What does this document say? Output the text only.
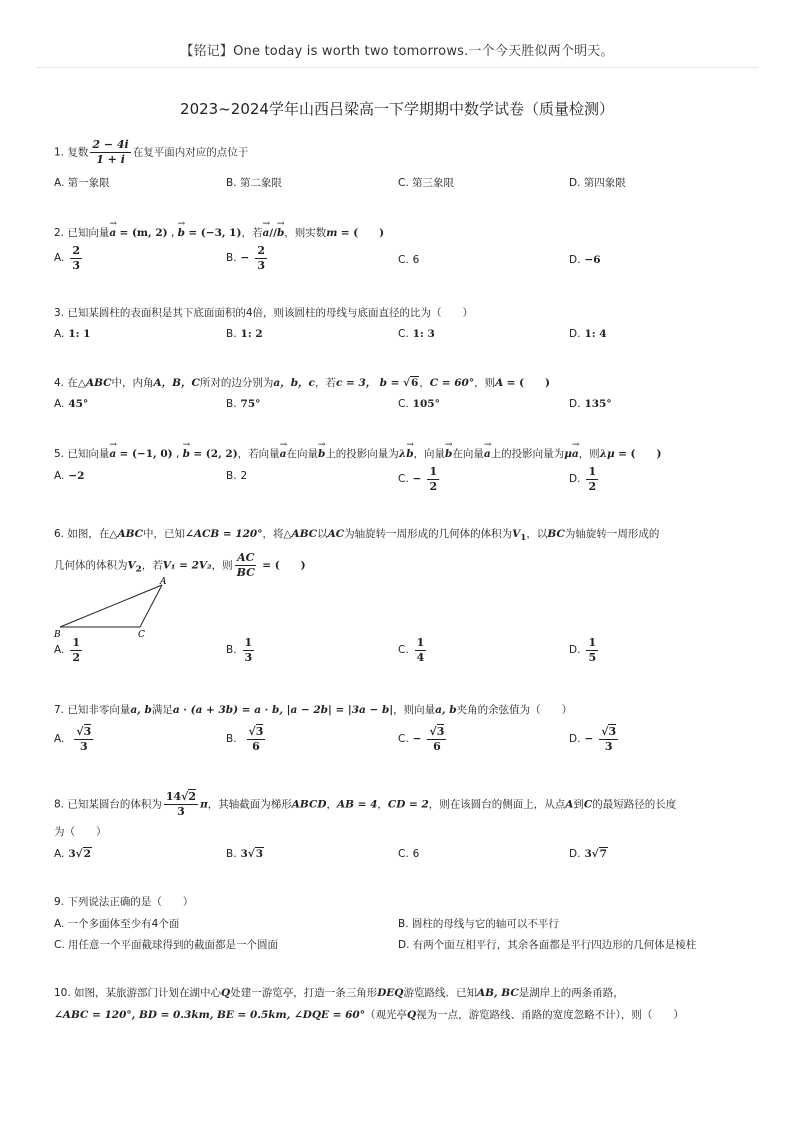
【铭记】One today is worth two tomorrows.一个今天胜似两个明天。
2023~2024学年山西吕梁高一下学期期中数学试卷（质量检测）
1. 复数 $\frac{2 - 4i}{1 + i}$ 在复平面内对应的点位于
A. 第一象限	B. 第二象限	C. 第三象限	D. 第四象限
2. 已知向量→ a = (m, 2) , → b = (−3, 1)，若→ a//→ b，则实数m = (　　)
A. $\frac{2}{3}$	B. − $\frac{2}{3}$	C. 6	D. −6
3. 已知某圆柱的表面积是其下底面面积的4倍，则该圆柱的母线与底面直径的比为（　　）
A. 1: 1	B. 1: 2	C. 1: 3	D. 1: 4
4. 在△ABC中，内角A，B，C所对的边分别为a，b，c，若c = 3， b = √6，C = 60°，则A = (　　)
A. 45°	B. 75°	C. 105°	D. 135°
5. 已知向量→ a = (−1, 0) , → b = (2, 2)，若向量→ a在向量→ b上的投影向量为λ→ b，向量→ b在向量→ a上的投影向量为μ→ a，则λμ = (　　)
A. −2	B. 2	C. − $\frac{1}{2}$	D. $\frac{1}{2}$
6. 如图，在△ABC中，已知∠ACB = 120°，将△ABC以AC为轴旋转一周形成的几何体的体积为$V_1$，以BC为轴旋转一周形成的
几何体的体积为$V_2$，若V₁ = 2V₂，则 $\frac{AC}{BC}$ = (　　)
A
B	C
A. $\frac{1}{2}$	B. $\frac{1}{3}$	C. $\frac{1}{4}$	D. $\frac{1}{5}$
7. 已知非零向量a, b满足a · (a + 3b) = a · b, |a − 2b| = |3a − b|，则向量a, b夹角的余弦值为（　　）
A. $\frac{√3}{3}$	B. $\frac{√3}{6}$	C. − $\frac{√3}{6}$	D. − $\frac{√3}{3}$
8. 已知某圆台的体积为 $\frac{14√2}{3}$ π，其轴截面为梯形ABCD，AB = 4，CD = 2，则在该圆台的侧面上，从点A到C的最短路径的长度
为（　　）
A. 3√2	B. 3√3	C. 6	D. 3√7
9. 下列说法正确的是（　　）
A. 一个多面体至少有4个面	B. 圆柱的母线与它的轴可以不平行
C. 用任意一个平面截球得到的截面都是一个圆面	D. 有两个面互相平行，其余各面都是平行四边形的几何体是棱柱
10. 如图，某旅游部门计划在湖中心Q处建一游览亭，打造一条三角形DEQ游览路线．已知AB, BC是湖岸上的两条甬路，
∠ABC = 120°, BD = 0.3km, BE = 0.5km, ∠DQE = 60°（观光亭Q视为一点，游览路线、甬路的宽度忽略不计），则（　　）
